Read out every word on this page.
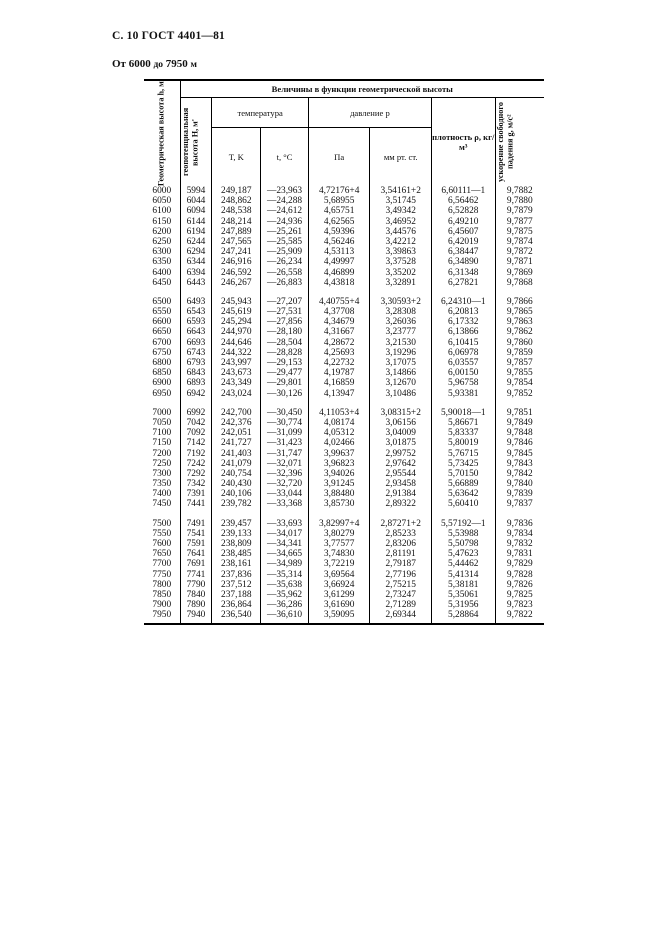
С. 10 ГОСТ 4401—81
От 6000 до 7950 м
Геометрическая высота h, м	Величины в функции геометрической высоты						

	геопотенциальная высота H, м'	температура		давление p		плотность ρ, кг/м³	ускорение свободного падения g, м/с²

		T, K	t, °C	Па	мм рт. ст.		
6000	5994	249,187	—23,963	4,72176+4	3,54161+2	6,60111—1	9,7882
6050	6044	248,862	—24,288	5,68955	3,51745	6,56462	9,7880
6100	6094	248,538	—24,612	4,65751	3,49342	6,52828	9,7879
6150	6144	248,214	—24,936	4,62565	3,46952	6,49210	9,7877
6200	6194	247,889	—25,261	4,59396	3,44576	6,45607	9,7875
6250	6244	247,565	—25,585	4,56246	3,42212	6,42019	9,7874
6300	6294	247,241	—25,909	4,53113	3,39863	6,38447	9,7872
6350	6344	246,916	—26,234	4,49997	3,37528	6,34890	9,7871
6400	6394	246,592	—26,558	4,46899	3,35202	6,31348	9,7869
6450	6443	246,267	—26,883	4,43818	3,32891	6,27821	9,7868

6500	6493	245,943	—27,207	4,40755+4	3,30593+2	6,24310—1	9,7866
6550	6543	245,619	—27,531	4,37708	3,28308	6,20813	9,7865
6600	6593	245,294	—27,856	4,34679	3,26036	6,17332	9,7863
6650	6643	244,970	—28,180	4,31667	3,23777	6,13866	9,7862
6700	6693	244,646	—28,504	4,28672	3,21530	6,10415	9,7860
6750	6743	244,322	—28,828	4,25693	3,19296	6,06978	9,7859
6800	6793	243,997	—29,153	4,22732	3,17075	6,03557	9,7857
6850	6843	243,673	—29,477	4,19787	3,14866	6,00150	9,7855
6900	6893	243,349	—29,801	4,16859	3,12670	5,96758	9,7854
6950	6942	243,024	—30,126	4,13947	3,10486	5,93381	9,7852

7000	6992	242,700	—30,450	4,11053+4	3,08315+2	5,90018—1	9,7851
7050	7042	242,376	—30,774	4,08174	3,06156	5,86671	9,7849
7100	7092	242,051	—31,099	4,05312	3,04009	5,83337	9,7848
7150	7142	241,727	—31,423	4,02466	3,01875	5,80019	9,7846
7200	7192	241,403	—31,747	3,99637	2,99752	5,76715	9,7845
7250	7242	241,079	—32,071	3,96823	2,97642	5,73425	9,7843
7300	7292	240,754	—32,396	3,94026	2,95544	5,70150	9,7842
7350	7342	240,430	—32,720	3,91245	2,93458	5,66889	9,7840
7400	7391	240,106	—33,044	3,88480	2,91384	5,63642	9,7839
7450	7441	239,782	—33,368	3,85730	2,89322	5,60410	9,7837

7500	7491	239,457	—33,693	3,82997+4	2,87271+2	5,57192—1	9,7836
7550	7541	239,133	—34,017	3,80279	2,85233	5,53988	9,7834
7600	7591	238,809	—34,341	3,77577	2,83206	5,50798	9,7832
7650	7641	238,485	—34,665	3,74830	2,81191	5,47623	9,7831
7700	7691	238,161	—34,989	3,72219	2,79187	5,44462	9,7829
7750	7741	237,836	—35,314	3,69564	2,77196	5,41314	9,7828
7800	7790	237,512	—35,638	3,66924	2,75215	5,38181	9,7826
7850	7840	237,188	—35,962	3,61299	2,73247	5,35061	9,7825
7900	7890	236,864	—36,286	3,61690	2,71289	5,31956	9,7823
7950	7940	236,540	—36,610	3,59095	2,69344	5,28864	9,7822
